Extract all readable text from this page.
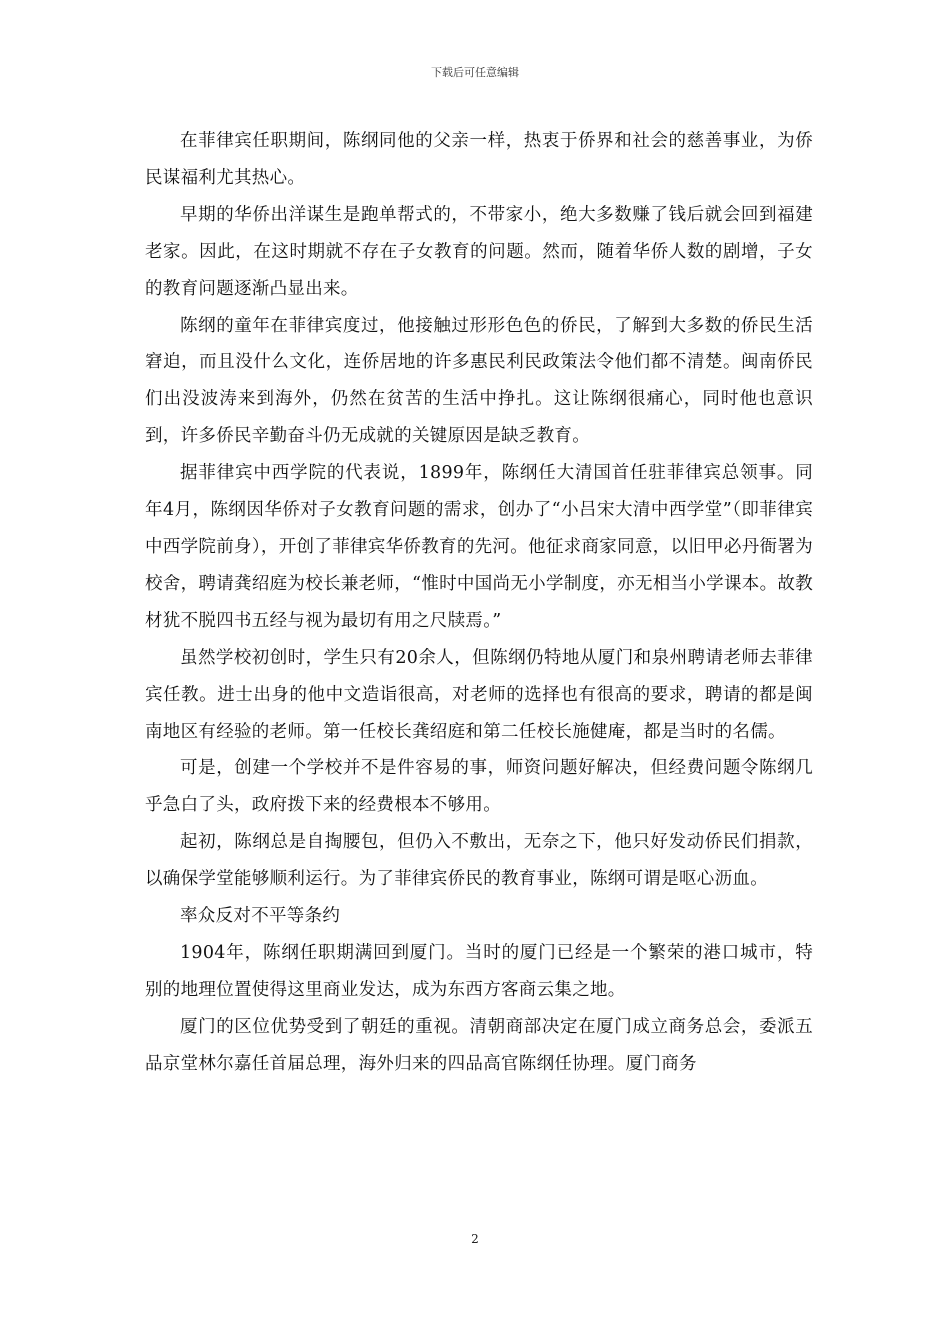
下载后可任意编辑

在菲律宾任职期间，陈纲同他的父亲一样，热衷于侨界和社会的慈善事业，为侨民谋福利尤其热心。

早期的华侨出洋谋生是跑单帮式的，不带家小，绝大多数赚了钱后就会回到福建老家。因此，在这时期就不存在子女教育的问题。然而，随着华侨人数的剧增，子女的教育问题逐渐凸显出来。

陈纲的童年在菲律宾度过，他接触过形形色色的侨民，了解到大多数的侨民生活窘迫，而且没什么文化，连侨居地的许多惠民利民政策法令他们都不清楚。闽南侨民们出没波涛来到海外，仍然在贫苦的生活中挣扎。这让陈纲很痛心，同时他也意识到，许多侨民辛勤奋斗仍无成就的关键原因是缺乏教育。

据菲律宾中西学院的代表说，1899年，陈纲任大清国首任驻菲律宾总领事。同年4月，陈纲因华侨对子女教育问题的需求，创办了“小吕宋大清中西学堂”（即菲律宾中西学院前身），开创了菲律宾华侨教育的先河。他征求商家同意，以旧甲必丹衙署为校舍，聘请龚绍庭为校长兼老师，“惟时中国尚无小学制度，亦无相当小学课本。故教材犹不脱四书五经与视为最切有用之尺牍焉。”

虽然学校初创时，学生只有20余人，但陈纲仍特地从厦门和泉州聘请老师去菲律宾任教。进士出身的他中文造诣很高，对老师的选择也有很高的要求，聘请的都是闽南地区有经验的老师。第一任校长龚绍庭和第二任校长施健庵，都是当时的名儒。

可是，创建一个学校并不是件容易的事，师资问题好解决，但经费问题令陈纲几乎急白了头，政府拨下来的经费根本不够用。

起初，陈纲总是自掏腰包，但仍入不敷出，无奈之下，他只好发动侨民们捐款，以确保学堂能够顺利运行。为了菲律宾侨民的教育事业，陈纲可谓是呕心沥血。

率众反对不平等条约

1904年，陈纲任职期满回到厦门。当时的厦门已经是一个繁荣的港口城市，特别的地理位置使得这里商业发达，成为东西方客商云集之地。

厦门的区位优势受到了朝廷的重视。清朝商部决定在厦门成立商务总会，委派五品京堂林尔嘉任首届总理，海外归来的四品高官陈纲任协理。厦门商务

2
